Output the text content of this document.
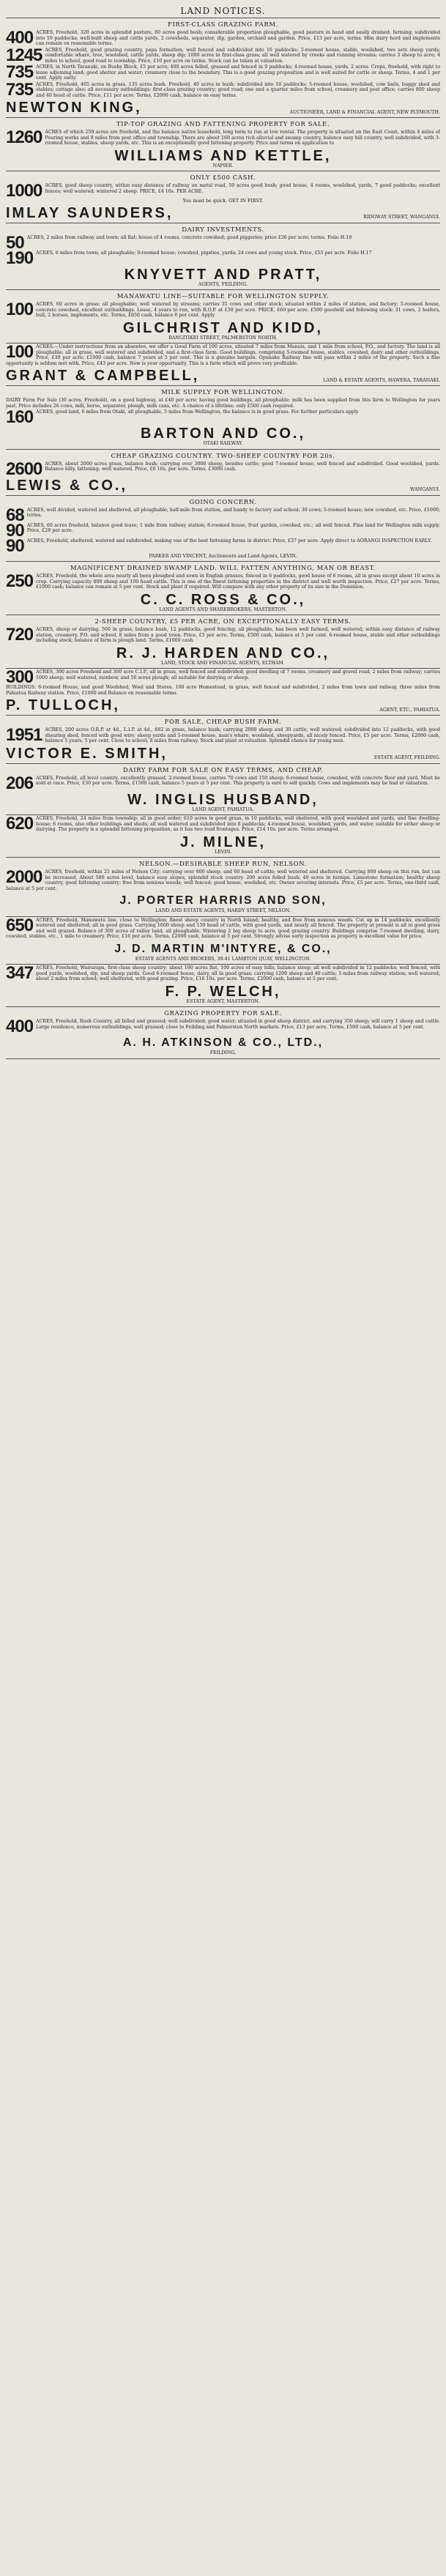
LAND NOTICES.
FIRST-CLASS GRAZING FARM.
400 ACRES, Freehold, 320 acres in splendid pasture, 80 acres good bush; considerable proportion ploughable, good pasture in hand and easily drained; farming; subdivided into 10 paddocks; well-built sheep and cattle yards, 2 cowsheds, separator, dip, garden, orchard and garden. Price, £13 per acre, terms. Hbn dairy herd and implements can remain on reasonable terms.
1245 ACRES, Freehold, good grazing country, papa formation; well fenced and subdivided into 16 paddocks; 5-roomed house, stable, woolshed, two sets sheep yards; comfortable whare, tree, woolshed, cattle yards, sheep dip; 1000 acres in first-class grass; all well watered by creeks and running streams; carries 3 sheep to acre; 4 miles to school, good road to township. Price, £10 per acre on terms. Stock can be taken at valuation.
735 ACRES, in North Taranaki, on Bushy Block, £5 per acre; 400 acres felled, grassed and fenced in 9 paddocks; 4-roomed house, yards, 2 acres. Crops, freehold, with right to lease adjoining land; good shelter and water; creamery close to the boundary. This is a good grazing proposition and is well suited for cattle or sheep. Terms, 4 and 1 per cent. Apply early.
735 ACRES, Freehold, 465 acres in grass, 135 acres bush. Freehold, 40 acres in bush; subdivided into 10 paddocks; 5-roomed house, woolshed, cow bails, buggy shed and stables; cottage also; all necessary outbuildings; first-class grazing country; good road; one and a quarter miles from school, creamery and post office; carries 800 sheep and 40 head of cattle. Price, £11 per acre; Terms, £2000 cash, balance on easy terms.
NEWTON KING,	AUCTIONEER, LAND & FINANCIAL AGENT, NEW PLYMOUTH.
TIP-TOP GRAZING AND FATTENING PROPERTY FOR SALE.
1260 ACRES of which 250 acres are freehold, and the balance native leasehold, long term to run at low rental. The property is situated on the East Coast, within 4 miles of Pouring works and 8 miles from post office and township. There are about 160 acres rich alluvial and swamp country, balance easy hill country, well subdivided, with 3-roomed house, stables, sheep yards, etc. This is an exceptionally good fattening property. Price and terms on application to
WILLIAMS AND KETTLE,
NAPIER.
ONLY £500 CASH.
1000 ACRES, good sheep country, within easy distance of railway on metal road, 50 acres good bush; good house, 4 rooms, woolshed, yards, 7 good paddocks; excellent fences; well watered; wintered 2 sheep. PRICE, £4 10s. PER ACRE.
You must be quick. GET IN FIRST.
IMLAY SAUNDERS,	RIDGWAY STREET, WANGANUI.
DAIRY INVESTMENTS.
50 ACRES, 2 miles from railway and town; all flat; house of 4 rooms; concrete cowshed; good piggeries; price £36 per acre; terms. Folio H.19
190 ACRES, 6 miles from town; all ploughable; 8-roomed house; cowshed, pigsties, yards; 24 cows and young stock. Price, £55 per acre. Folio H.17
KNYVETT AND PRATT,
AGENTS, FEILDING.
MANAWATU LINE—SUITABLE FOR WELLINGTON SUPPLY.
100 ACRES, 60 acres in grass; all ploughable; well watered by streams; carries 35 cows and other stock; situated within 2 miles of station, and factory; 5-roomed house, concrete cowshed, excellent outbuildings. Lease, 4 years to run, with R.O.P. at £30 per acre. PRICE, £60 per acre. £500 goodwill and following stock: 31 cows, 2 heifers, bull, 2 horses, implements, etc. Terms, £650 cash, balance 6 per cent. Apply
GILCHRIST AND KIDD,
RANGITIKEI STREET, PALMERSTON NORTH.
100 ACRES.—Under instructions from an absentee, we offer a Good Farm of 100 acres, situated 7 miles from Manaia, and 1 mile from school, P.O., and factory. The land is all ploughable; all in grass, well watered and subdivided, and a first-class farm. Good buildings, comprising 5-roomed house, stables, cowshed, dairy and other outbuildings. Price, £30 per acre; £1000 cash, balance 7 years at 5 per cent. This is a genuine bargain. Opunake Railway line will pass within 2 miles of the property. Such a fine opportunity is seldom met with. Price, £43 per acre. Now is your opportunity. This is a farm which will prove very profitable.
GRANT & CAMPBELL,	LAND & ESTATE AGENTS, HAWERA, TARANAKI.
MILK SUPPLY FOR WELLINGTON.
DAIRY Farm For Sale (30 acres, Freehold), on a good highway, at £40 per acre; having good buildings, all ploughable; milk has been supplied from this farm to Wellington for years past. Price includes 26 cows, mill, horse, separator, plough, milk cans, etc. A chance of a lifetime; only £500 cash required.
160 ACRES, good land, 6 miles from Otaki, all ploughable, 5 miles from Wellington, the balance is in good grass. For further particulars apply
BARTON AND CO.,
OTAKI RAILWAY.
CHEAP GRAZING COUNTRY. TWO-SHEEP COUNTRY FOR 20s.
2600 ACRES, about 2000 acres grass, balance bush; carrying over 3000 sheep, besides cattle; good 7-roomed house, well fenced and subdivided. Good woolshed, yards. Balance hilly, fattening; well watered. Price, £6 10s. per acre. Terms, £3000 cash.
LEWIS & CO.,	WANGANUI.
GOING CONCERN.
68 ACRES, well divided, watered and sheltered, all ploughable; half-mile from station, and handy to factory and school; 30 cows; 5-roomed house; new cowshed, etc. Price, £1000; terms.
90 ACRES, 60 acres freehold, balance good lease; 1 mile from railway station; 8-roomed house, fruit garden, cowshed, etc.; all well fenced. Fine land for Wellington milk supply. Price, £28 per acre.
90 ACRES, Freehold, sheltered, watered and subdivided, making one of the best fattening farms in district. Price, £37 per acre. Apply direct to AORANGI INSPECTION EARLY.
PARKER AND VINCENT, Auctioneers and Land Agents, LEVIN.
MAGNIFICENT DRAINED SWAMP LAND. WILL FATTEN ANYTHING, MAN OR BEAST.
250 ACRES, Freehold, the whole area nearly all been ploughed and sown in English grasses, fenced in 6 paddocks, good house of 6 rooms, all in grass except about 10 acres in crop. Carrying capacity 800 sheep and 100 head cattle. This is one of the finest fattening properties in the district and well worth inspection. Price, £27 per acre. Terms, £1000 cash; balance can remain at 5 per cent. Stock and plant if required. Will compare with any other property of its size in the Dominion.
C. C. ROSS & CO.,
LAND AGENTS AND SHAREBROKERS, MASTERTON.
2-SHEEP COUNTRY, £5 PER ACRE, ON EXCEPTIONALLY EASY TERMS.
720 ACRES, sheep or dairying. 500 in grass, balance bush, 12 paddocks, good fencing; all ploughable, has been well farmed, well watered; within easy distance of railway station, creamery, P.O. and school, 8 miles from a good town. Price, £5 per acre. Terms, £500 cash, balance at 5 per cent. 6-roomed house, stable and other outbuildings including stock; balance of farm is plough land. Terms, £1000 cash.
R. J. HARDEN AND CO.,
LAND, STOCK AND FINANCIAL AGENTS, ELTHAM.
300 ACRES, 300 acres Freehold and 300 acre C.I.P., all in grass, well fenced and subdivided; good dwelling of 7 rooms, creamery and gravel road, 2 miles from railway; carries 1000 sheep; well watered, rainbow, and 50 acres plough; all suitable for dairying or sheep.
BUILDINGS: 6-roomed House, and good Woolshed, Wool and Stores. 100 acre Homestead, in grass, well fenced and subdivided, 2 miles from town and railway, three miles from Pahiatua Railway station. Price, £1000 and Balance on reasonable terms.
P. TULLOCH,	AGENT, ETC., PAHIATUA.
FOR SALE, CHEAP BUSH FARM.
1951 ACRES, 200 acres O.R.P. at 4d., L.I.P. at 4d., 882 in grass, balance bush; carrying 2000 sheep and 30 cattle; well watered; subdivided into 12 paddocks, with good shearing shed, fenced with good wire; sheep yards and 5-roomed house, man's whare, woolshed, sheepyards, all nicely fenced. Price, £5 per acre. Terms, £2000 cash, balance 5 years, 5 per cent. Close to school; 8 miles from railway. Stock and plant at valuation. Splendid chance for young men.
VICTOR E. SMITH,	ESTATE AGENT, FEILDING.
DAIRY FARM FOR SALE ON EASY TERMS, AND CHEAP.
206 ACRES, Freehold, all level country, excellently grassed, 2-roomed house, carries 70 cows and 150 sheep; 6-roomed house, cowshed, with concrete floor and yard. Must be sold at once. Price, £30 per acre. Terms, £1500 cash, balance 5 years at 5 per cent. This property is sure to sell quickly. Cows and implements may be had at valuation.
W. INGLIS HUSBAND,
LAND AGENT, PAHIATUA.
620 ACRES, Freehold, 24 miles from township; all in good order; 610 acres in good grass, in 10 paddocks, well sheltered, with good woolshed and yards, and fine dwelling-house; 6 rooms, also other buildings and sheds; all well watered and subdivided into 8 paddocks; 4-roomed house, woolshed, yards, and water, suitable for either sheep or dairying. The property is a splendid fattening proposition, as it has two road frontages. Price, £14 10s. per acre. Terms arranged.
J. MILNE,
LEVIN.
NELSON.—DESIRABLE SHEEP RUN, NELSON.
2000 ACRES, freehold, within 25 miles of Nelson City; carrying over 800 sheep, and 60 head of cattle; well watered and sheltered. Carrying 800 sheep on this run, but can be increased. About 500 acres level, balance easy slopes, splendid stock country. 200 acres felled bush; 40 acres in turnips. Limestone formation; healthy sheep country, good fattening country; free from noxious weeds; well fenced; good house, woolshed, etc. Owner severing interests. Price, £5 per acre. Terms, one-third cash, balance at 5 per cent.
J. PORTER HARRIS AND SON,
LAND AND ESTATE AGENTS, HARDY STREET, NELSON.
650 ACRES, Freehold, Manawatu line, close to Wellington; finest sheep country in North Island; healthy, and free from noxious weeds. Cut up in 14 paddocks, excellently watered and sheltered; all in good grass. Carrying 1600 sheep and 150 head of cattle, with good yards, and nearly all fenced. The property at present is all in good grass and well grazed. Balance of 300 acres of valley land, all ploughable. Wintering 2 big sheep to acre, good grazing country. Buildings comprise 7-roomed dwelling, dairy, cowshed, stables, etc., 1 mile to creamery. Price, £16 per acre. Terms, £2000 cash, balance at 5 per cent. Strongly advise early inspection as property is excellent value for price.
J. D. MARTIN M'INTYRE, & CO.,
ESTATE AGENTS AND BROKERS, 39-41 LAMBTON QUAY, WELLINGTON.
347 ACRES, Freehold, Wairarapa, first-class sheep country; about 100 acres flat, 100 acres of easy hills, balance steep; all well subdivided in 12 paddocks; well fenced, with good yards, woolshed, dip, and sheep yards. Good 6-roomed house, dairy, all in good grass; carrying 1200 sheep and 40 cattle; 5 miles from railway station; well watered; about 2 miles from school; well sheltered, with good grazing. Price, £16 10s. per acre. Terms, £2000 cash, balance at 5 per cent.
F. P. WELCH,
ESTATE AGENT, MASTERTON.
GRAZING PROPERTY FOR SALE.
400 ACRES, Freehold, Rush Country, all felled and grassed; well subdivided; good water; situated in good sheep district, and carrying 350 sheep; will carry 1 sheep and cattle. Large residence, numerous outbuildings, well grassed; close to Feilding and Palmerston North markets. Price, £13 per acre. Terms, £500 cash, balance at 5 per cent.
A. H. ATKINSON & CO., LTD.,
FEILDING.
